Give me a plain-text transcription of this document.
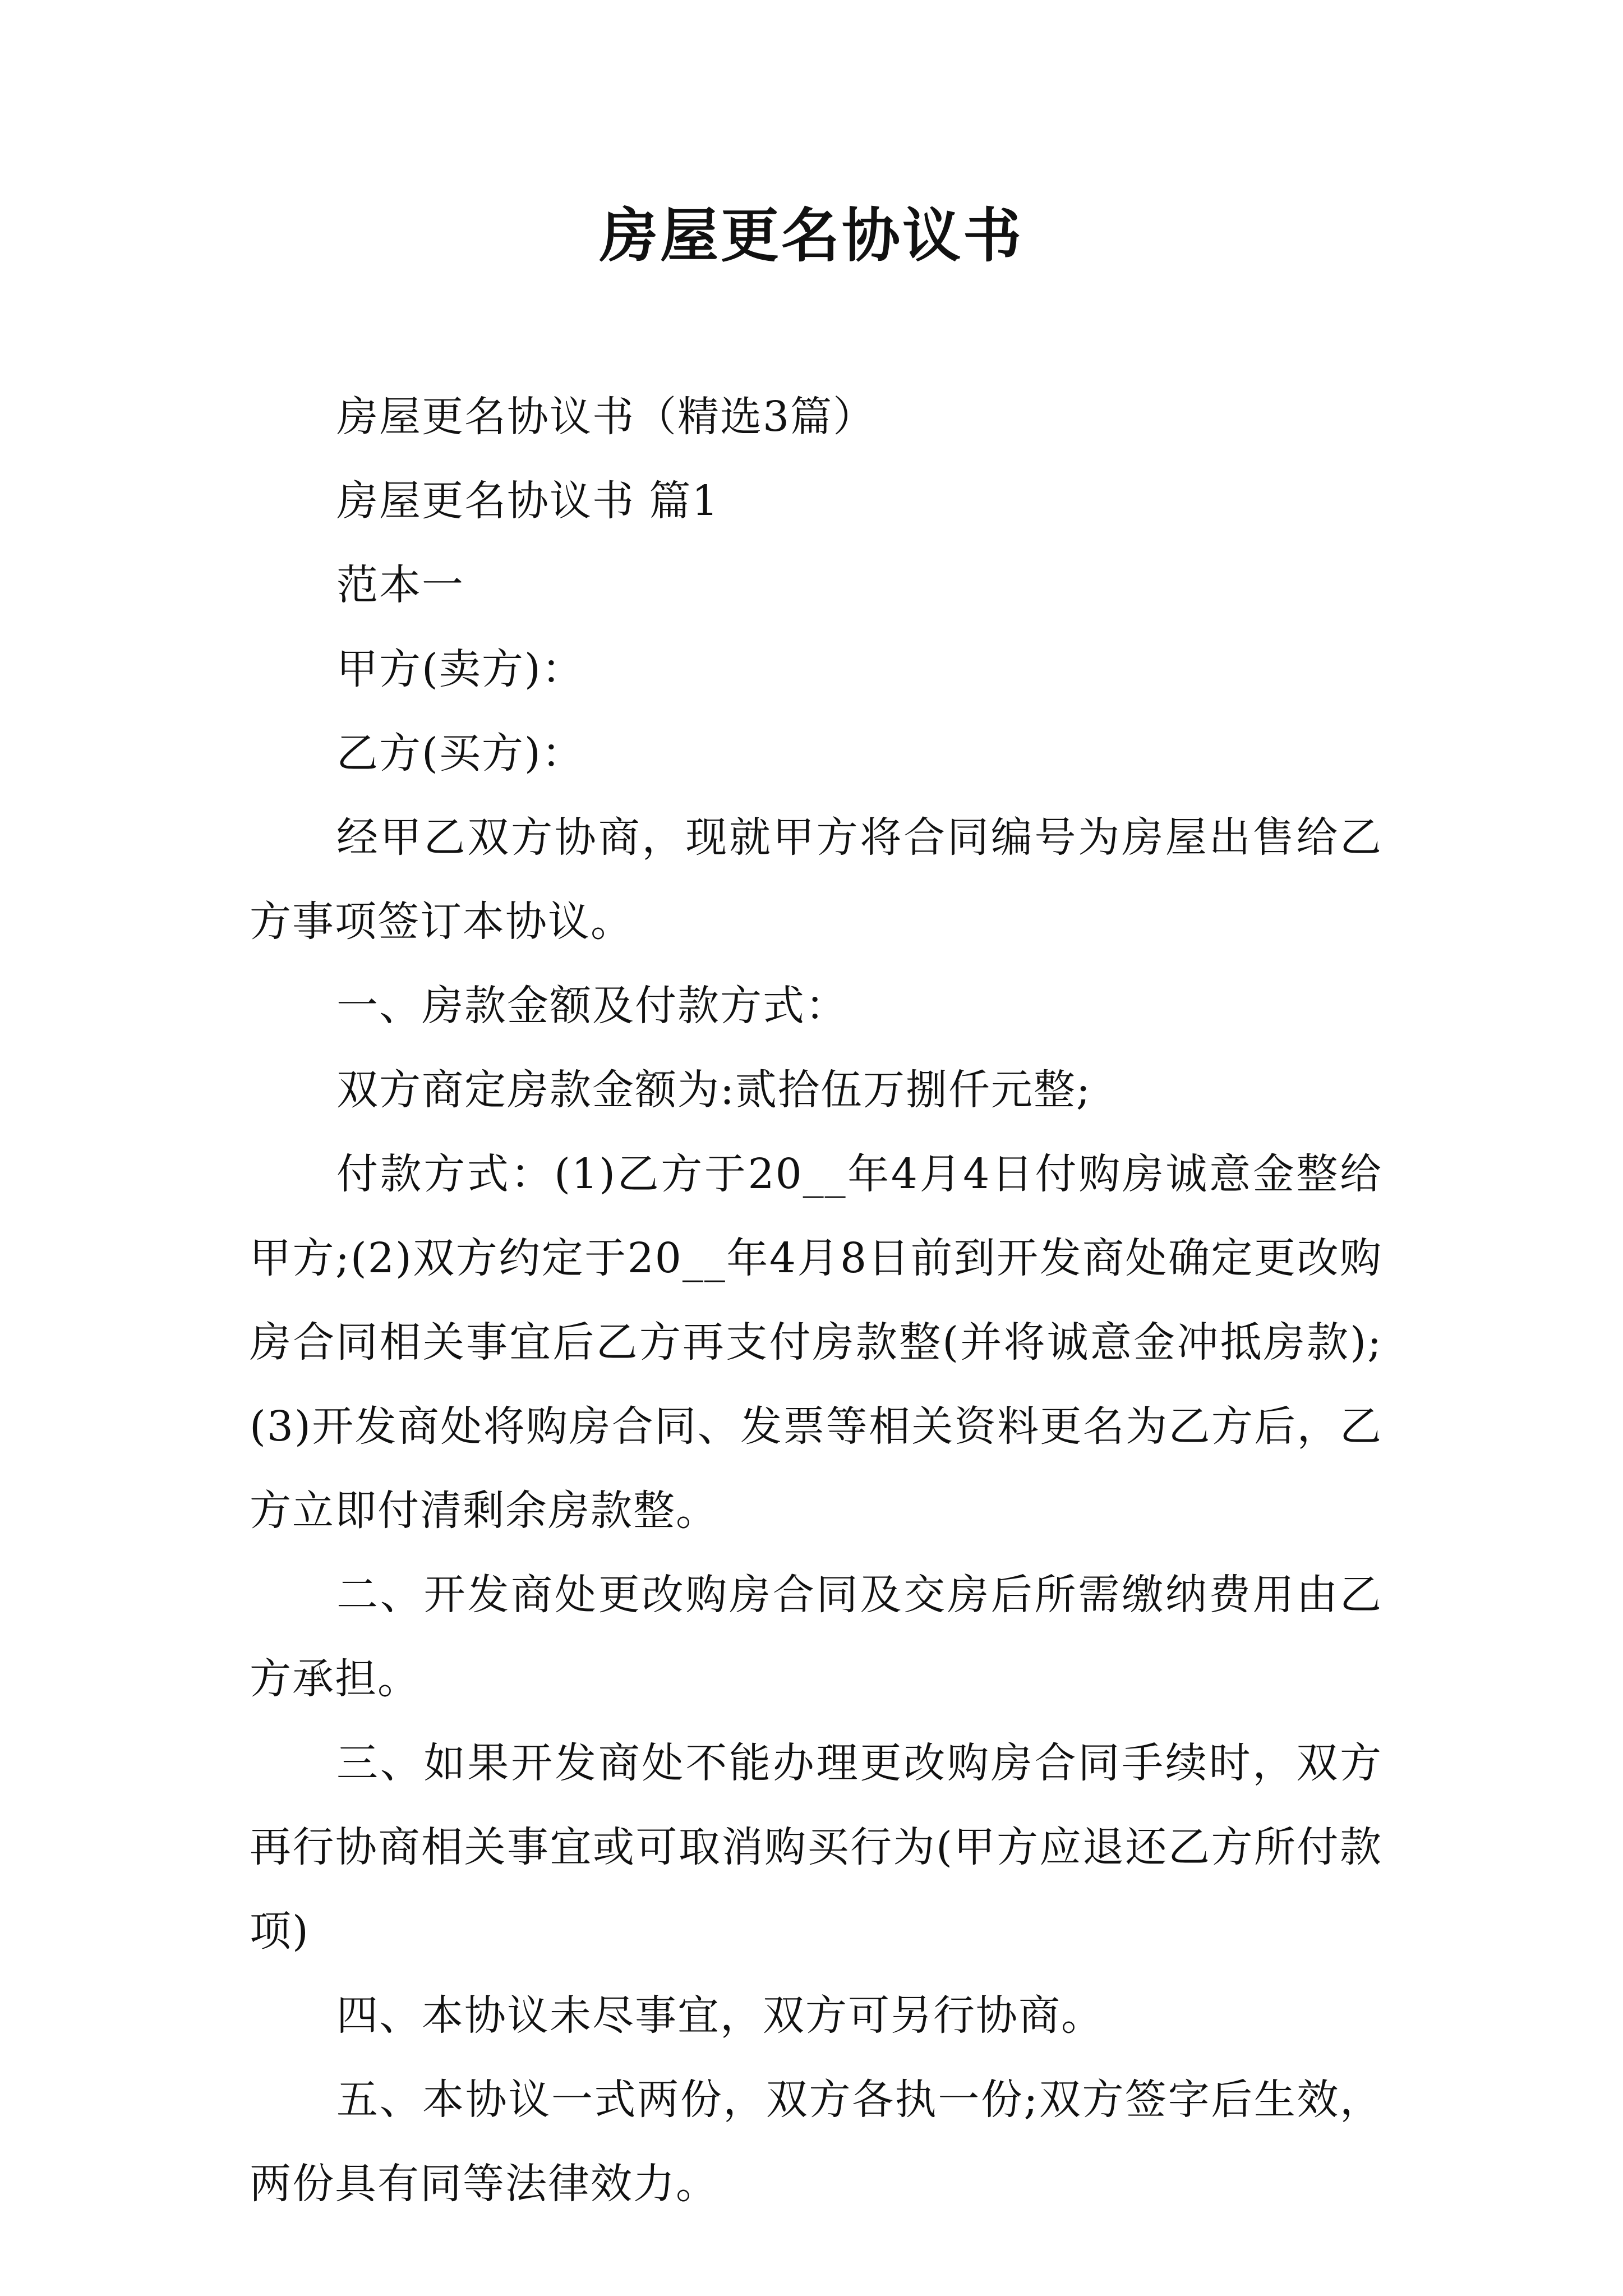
房屋更名协议书

房屋更名协议书（精选3篇）

房屋更名协议书 篇1

范本一

甲方(卖方)：

乙方(买方)：

经甲乙双方协商，现就甲方将合同编号为房屋出售给乙方事项签订本协议。

一、房款金额及付款方式：

双方商定房款金额为:贰拾伍万捌仟元整;

付款方式：(1)乙方于20__年4月4日付购房诚意金整给甲方;(2)双方约定于20__年4月8日前到开发商处确定更改购房合同相关事宜后乙方再支付房款整(并将诚意金冲抵房款);(3)开发商处将购房合同、发票等相关资料更名为乙方后，乙方立即付清剩余房款整。

二、开发商处更改购房合同及交房后所需缴纳费用由乙方承担。

三、如果开发商处不能办理更改购房合同手续时，双方再行协商相关事宜或可取消购买行为(甲方应退还乙方所付款项)

四、本协议未尽事宜，双方可另行协商。

五、本协议一式两份，双方各执一份;双方签字后生效，两份具有同等法律效力。
